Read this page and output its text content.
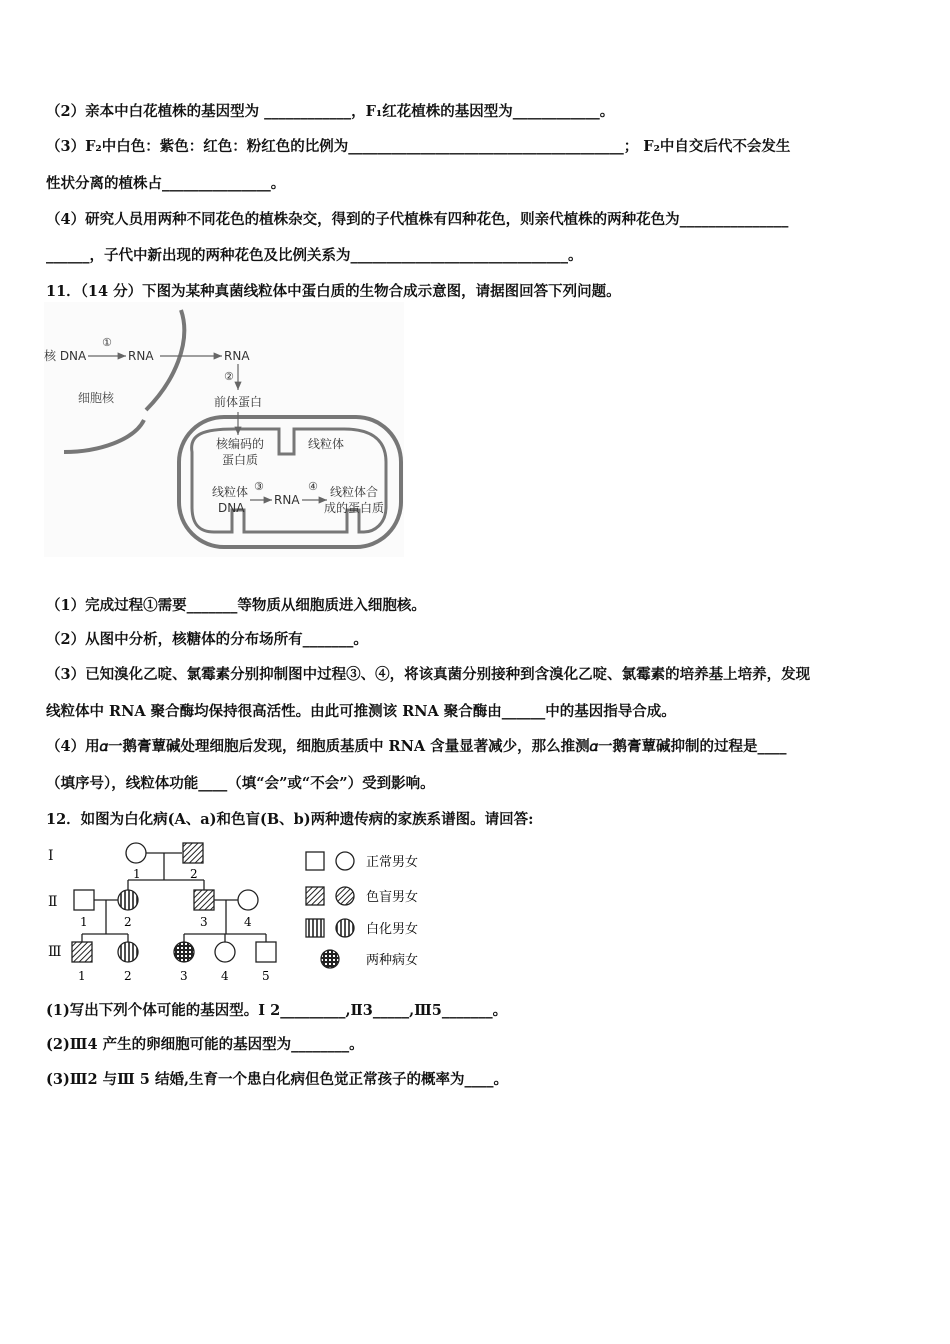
（2）亲本中白花植株的基因型为 ____________，F₁红花植株的基因型为____________。
（3）F₂中白色：紫色：红色：粉红色的比例为______________________________________； F₂中自交后代不会发生
性状分离的植株占_______________。
（4）研究人员用两种不同花色的植株杂交，得到的子代植株有四种花色，则亲代植株的两种花色为_______________
______，子代中新出现的两种花色及比例关系为______________________________。
11．（14 分）下图为某种真菌线粒体中蛋白质的生物合成示意图，请据图回答下列问题。
核 DNA
①
RNA	RNA
②
前体蛋白
细胞核
核编码的
蛋白质
线粒体
线粒体
DNA
③
RNA
④ 线粒体合
成的蛋白质
（1）完成过程①需要_______等物质从细胞质进入细胞核。
（2）从图中分析，核糖体的分布场所有_______。
（3）已知溴化乙啶、氯霉素分别抑制图中过程③、④，将该真菌分别接种到含溴化乙啶、氯霉素的培养基上培养，发现
线粒体中 RNA 聚合酶均保持很高活性。由此可推测该 RNA 聚合酶由______中的基因指导合成。
（4）用𝛼一鹅膏蕈碱处理细胞后发现，细胞质基质中 RNA 含量显著减少，那么推测𝛼一鹅膏蕈碱抑制的过程是____
（填序号），线粒体功能____（填“会”或“不会”）受到影响。
12．如图为白化病(A、a)和色盲(B、b)两种遗传病的家族系谱图。请回答:
Ⅰ
Ⅱ
Ⅲ
1	2
1	2	3	4
1	2	3	4	5
正常男女
色盲男女
白化男女
两种病女
(1)写出下列个体可能的基因型。Ⅰ 2_________,Ⅱ3_____,Ⅲ5_______。
(2)Ⅲ4 产生的卵细胞可能的基因型为________。
(3)Ⅲ2 与Ⅲ 5 结婚,生育一个患白化病但色觉正常孩子的概率为____。
